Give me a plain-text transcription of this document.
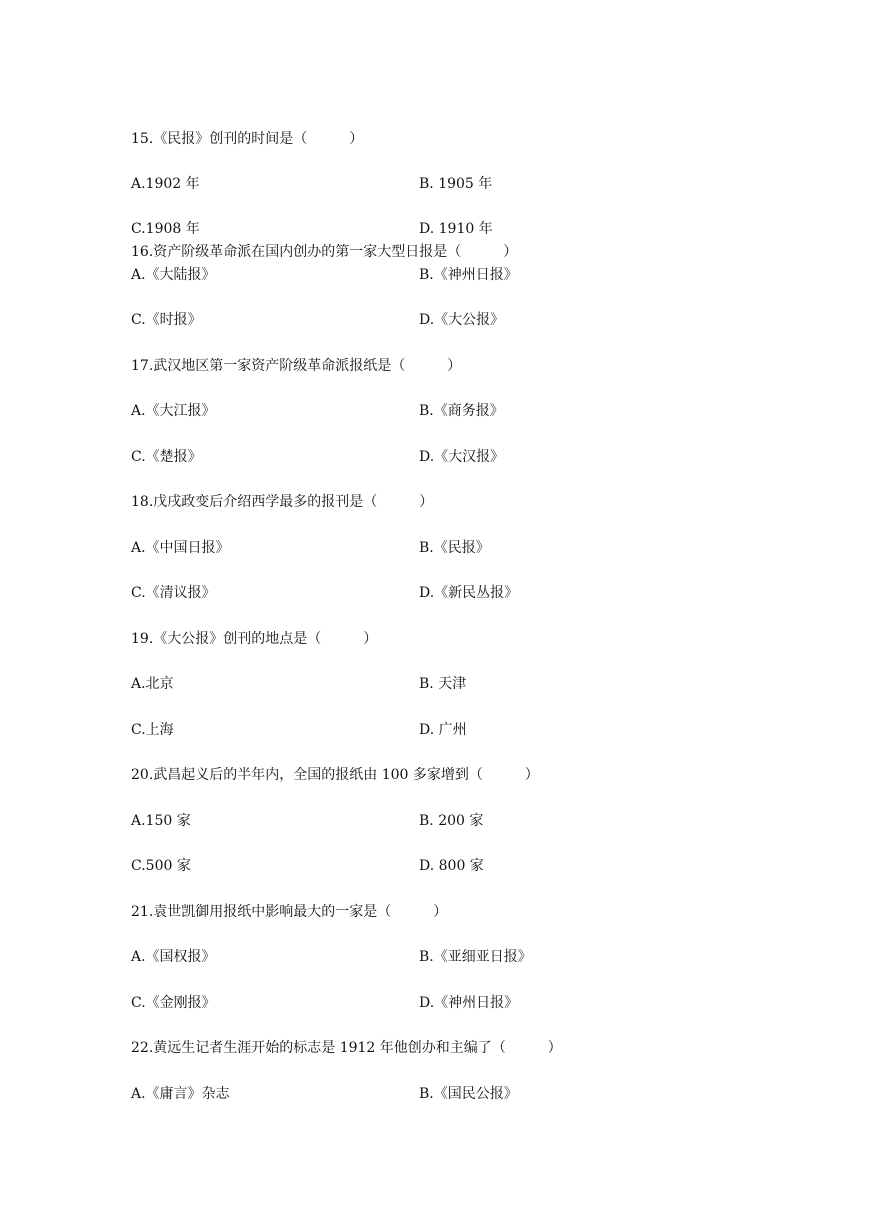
15.《民报》创刊的时间是（　　　）
A.1902 年	B. 1905 年
C.1908 年	D. 1910 年
16.资产阶级革命派在国内创办的第一家大型日报是（　　　）
A.《大陆报》	B.《神州日报》
C.《时报》	D.《大公报》
17.武汉地区第一家资产阶级革命派报纸是（　　　）
A.《大江报》	B.《商务报》
C.《楚报》	D.《大汉报》
18.戊戌政变后介绍西学最多的报刊是（　　　）
A.《中国日报》	B.《民报》
C.《清议报》	D.《新民丛报》
19.《大公报》创刊的地点是（　　　）
A.北京	B. 天津
C.上海	D. 广州
20.武昌起义后的半年内，全国的报纸由 100 多家增到（　　　）
A.150 家	B. 200 家
C.500 家	D. 800 家
21.袁世凯御用报纸中影响最大的一家是（　　　）
A.《国权报》	B.《亚细亚日报》
C.《金刚报》	D.《神州日报》
22.黄远生记者生涯开始的标志是 1912 年他创办和主编了（　　　）
A.《庸言》杂志	B.《国民公报》
